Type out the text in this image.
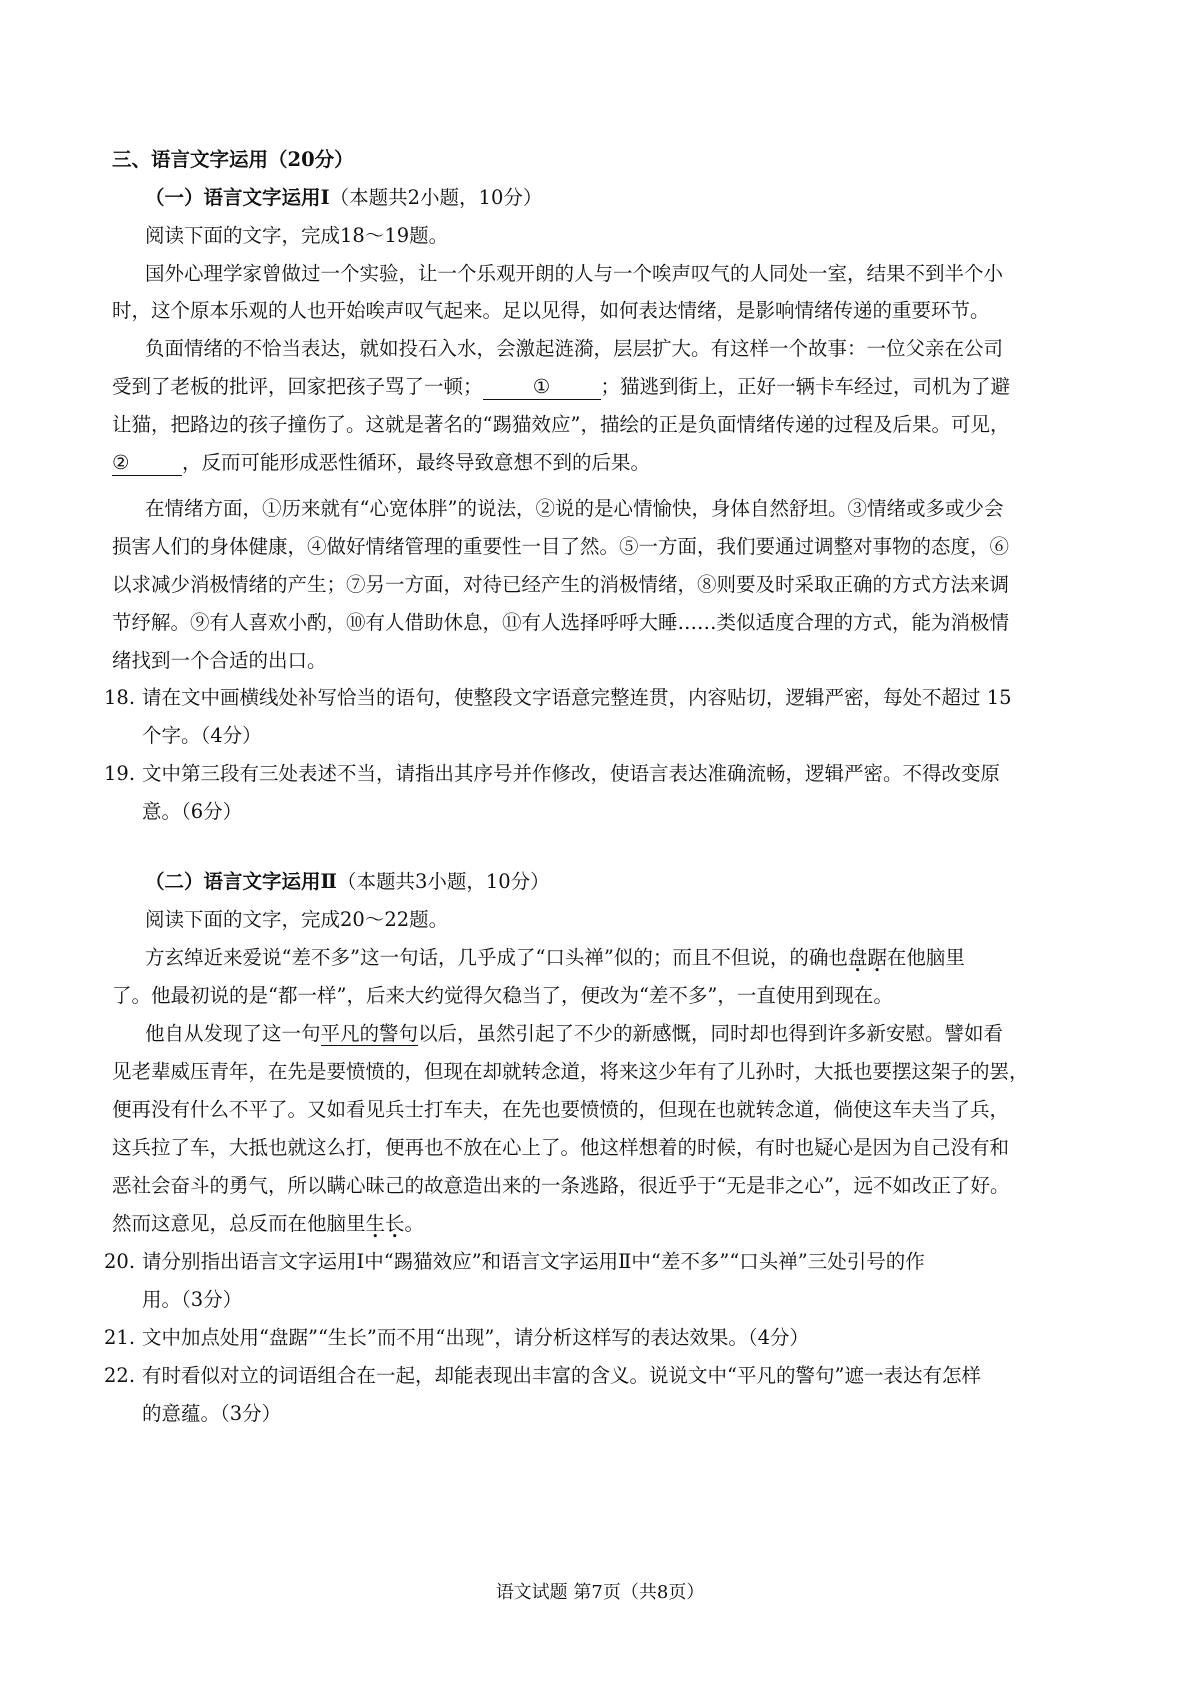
三、语言文字运用（20分）
（一）语言文字运用Ⅰ（本题共2小题，10分）
阅读下面的文字，完成18～19题。
国外心理学家曾做过一个实验，让一个乐观开朗的人与一个唉声叹气的人同处一室，结果不到半个小
时，这个原本乐观的人也开始唉声叹气起来。足以见得，如何表达情绪，是影响情绪传递的重要环节。
负面情绪的不恰当表达，就如投石入水，会激起涟漪，层层扩大。有这样一个故事：一位父亲在公司
受到了老板的批评，回家把孩子骂了一顿；	①	；猫逃到街上，正好一辆卡车经过，司机为了避
让猫，把路边的孩子撞伤了。这就是著名的“踢猫效应”，描绘的正是负面情绪传递的过程及后果。可见，
②	，反而可能形成恶性循环，最终导致意想不到的后果。
在情绪方面，①历来就有“心宽体胖”的说法，②说的是心情愉快，身体自然舒坦。③情绪或多或少会
损害人们的身体健康，④做好情绪管理的重要性一目了然。⑤一方面，我们要通过调整对事物的态度，⑥
以求减少消极情绪的产生；⑦另一方面，对待已经产生的消极情绪，⑧则要及时采取正确的方式方法来调
节纾解。⑨有人喜欢小酌，⑩有人借助休息，⑪有人选择呼呼大睡……类似适度合理的方式，能为消极情
绪找到一个合适的出口。
18. 请在文中画横线处补写恰当的语句，使整段文字语意完整连贯，内容贴切，逻辑严密，每处不超过 15
个字。（4分）
19. 文中第三段有三处表述不当，请指出其序号并作修改，使语言表达准确流畅，逻辑严密。不得改变原
意。（6分）
（二）语言文字运用Ⅱ（本题共3小题，10分）
阅读下面的文字，完成20～22题。
方玄绰近来爱说“差不多”这一句话，几乎成了“口头禅”似的；而且不但说，的确也盘踞在他脑里
了。他最初说的是“都一样”，后来大约觉得欠稳当了，便改为“差不多”，一直使用到现在。
他自从发现了这一句平凡的警句以后，虽然引起了不少的新感慨，同时却也得到许多新安慰。譬如看
见老辈威压青年，在先是要愤愤的，但现在却就转念道，将来这少年有了儿孙时，大抵也要摆这架子的罢，
便再没有什么不平了。又如看见兵士打车夫，在先也要愤愤的，但现在也就转念道，倘使这车夫当了兵，
这兵拉了车，大抵也就这么打，便再也不放在心上了。他这样想着的时候，有时也疑心是因为自己没有和
恶社会奋斗的勇气，所以瞒心昧己的故意造出来的一条逃路，很近乎于“无是非之心”，远不如改正了好。
然而这意见，总反而在他脑里生长。
20. 请分别指出语言文字运用Ⅰ中“踢猫效应”和语言文字运用Ⅱ中“差不多”“口头禅”三处引号的作
用。（3分）
21. 文中加点处用“盘踞”“生长”而不用“出现”，请分析这样写的表达效果。（4分）
22. 有时看似对立的词语组合在一起，却能表现出丰富的含义。说说文中“平凡的警句”遮一表达有怎样
的意蕴。（3分）
语文试题 第7页（共8页）
